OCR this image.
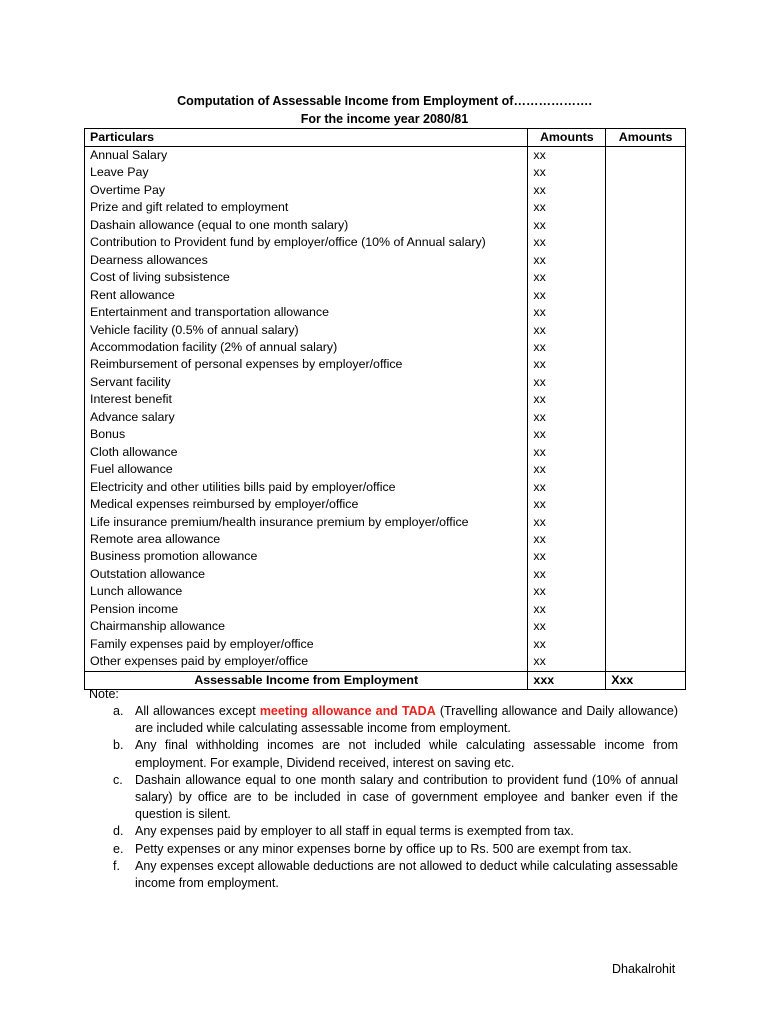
Computation of Assessable Income from Employment of……………….
For the income year 2080/81
Particulars	Amounts	Amounts
Annual Salary	xx	
Leave Pay	xx	
Overtime Pay	xx	
Prize and gift related to employment	xx	
Dashain allowance (equal to one month salary)	xx	
Contribution to Provident fund by employer/office (10% of Annual salary)	xx	
Dearness allowances	xx	
Cost of living subsistence	xx	
Rent allowance	xx	
Entertainment and transportation allowance	xx	
Vehicle facility (0.5% of annual salary)	xx	
Accommodation facility (2% of annual salary)	xx	
Reimbursement of personal expenses by employer/office	xx	
Servant facility	xx	
Interest benefit	xx	
Advance salary	xx	
Bonus	xx	
Cloth allowance	xx	
Fuel allowance	xx	
Electricity and other utilities bills paid by employer/office	xx	
Medical expenses reimbursed by employer/office	xx	
Life insurance premium/health insurance premium by employer/office	xx	
Remote area allowance	xx	
Business promotion allowance	xx	
Outstation allowance	xx	
Lunch allowance	xx	
Pension income	xx	
Chairmanship allowance	xx	
Family expenses paid by employer/office	xx	
Other expenses paid by employer/office	xx	
Assessable Income from Employment	xxx	Xxx
Note:
a. All allowances except meeting allowance and TADA (Travelling allowance and Daily allowance) are included while calculating assessable income from employment.
b. Any final withholding incomes are not included while calculating assessable income from employment. For example, Dividend received, interest on saving etc.
c. Dashain allowance equal to one month salary and contribution to provident fund (10% of annual salary) by office are to be included in case of government employee and banker even if the question is silent.
d. Any expenses paid by employer to all staff in equal terms is exempted from tax.
e. Petty expenses or any minor expenses borne by office up to Rs. 500 are exempt from tax.
f. Any expenses except allowable deductions are not allowed to deduct while calculating assessable income from employment.
Dhakalrohit
